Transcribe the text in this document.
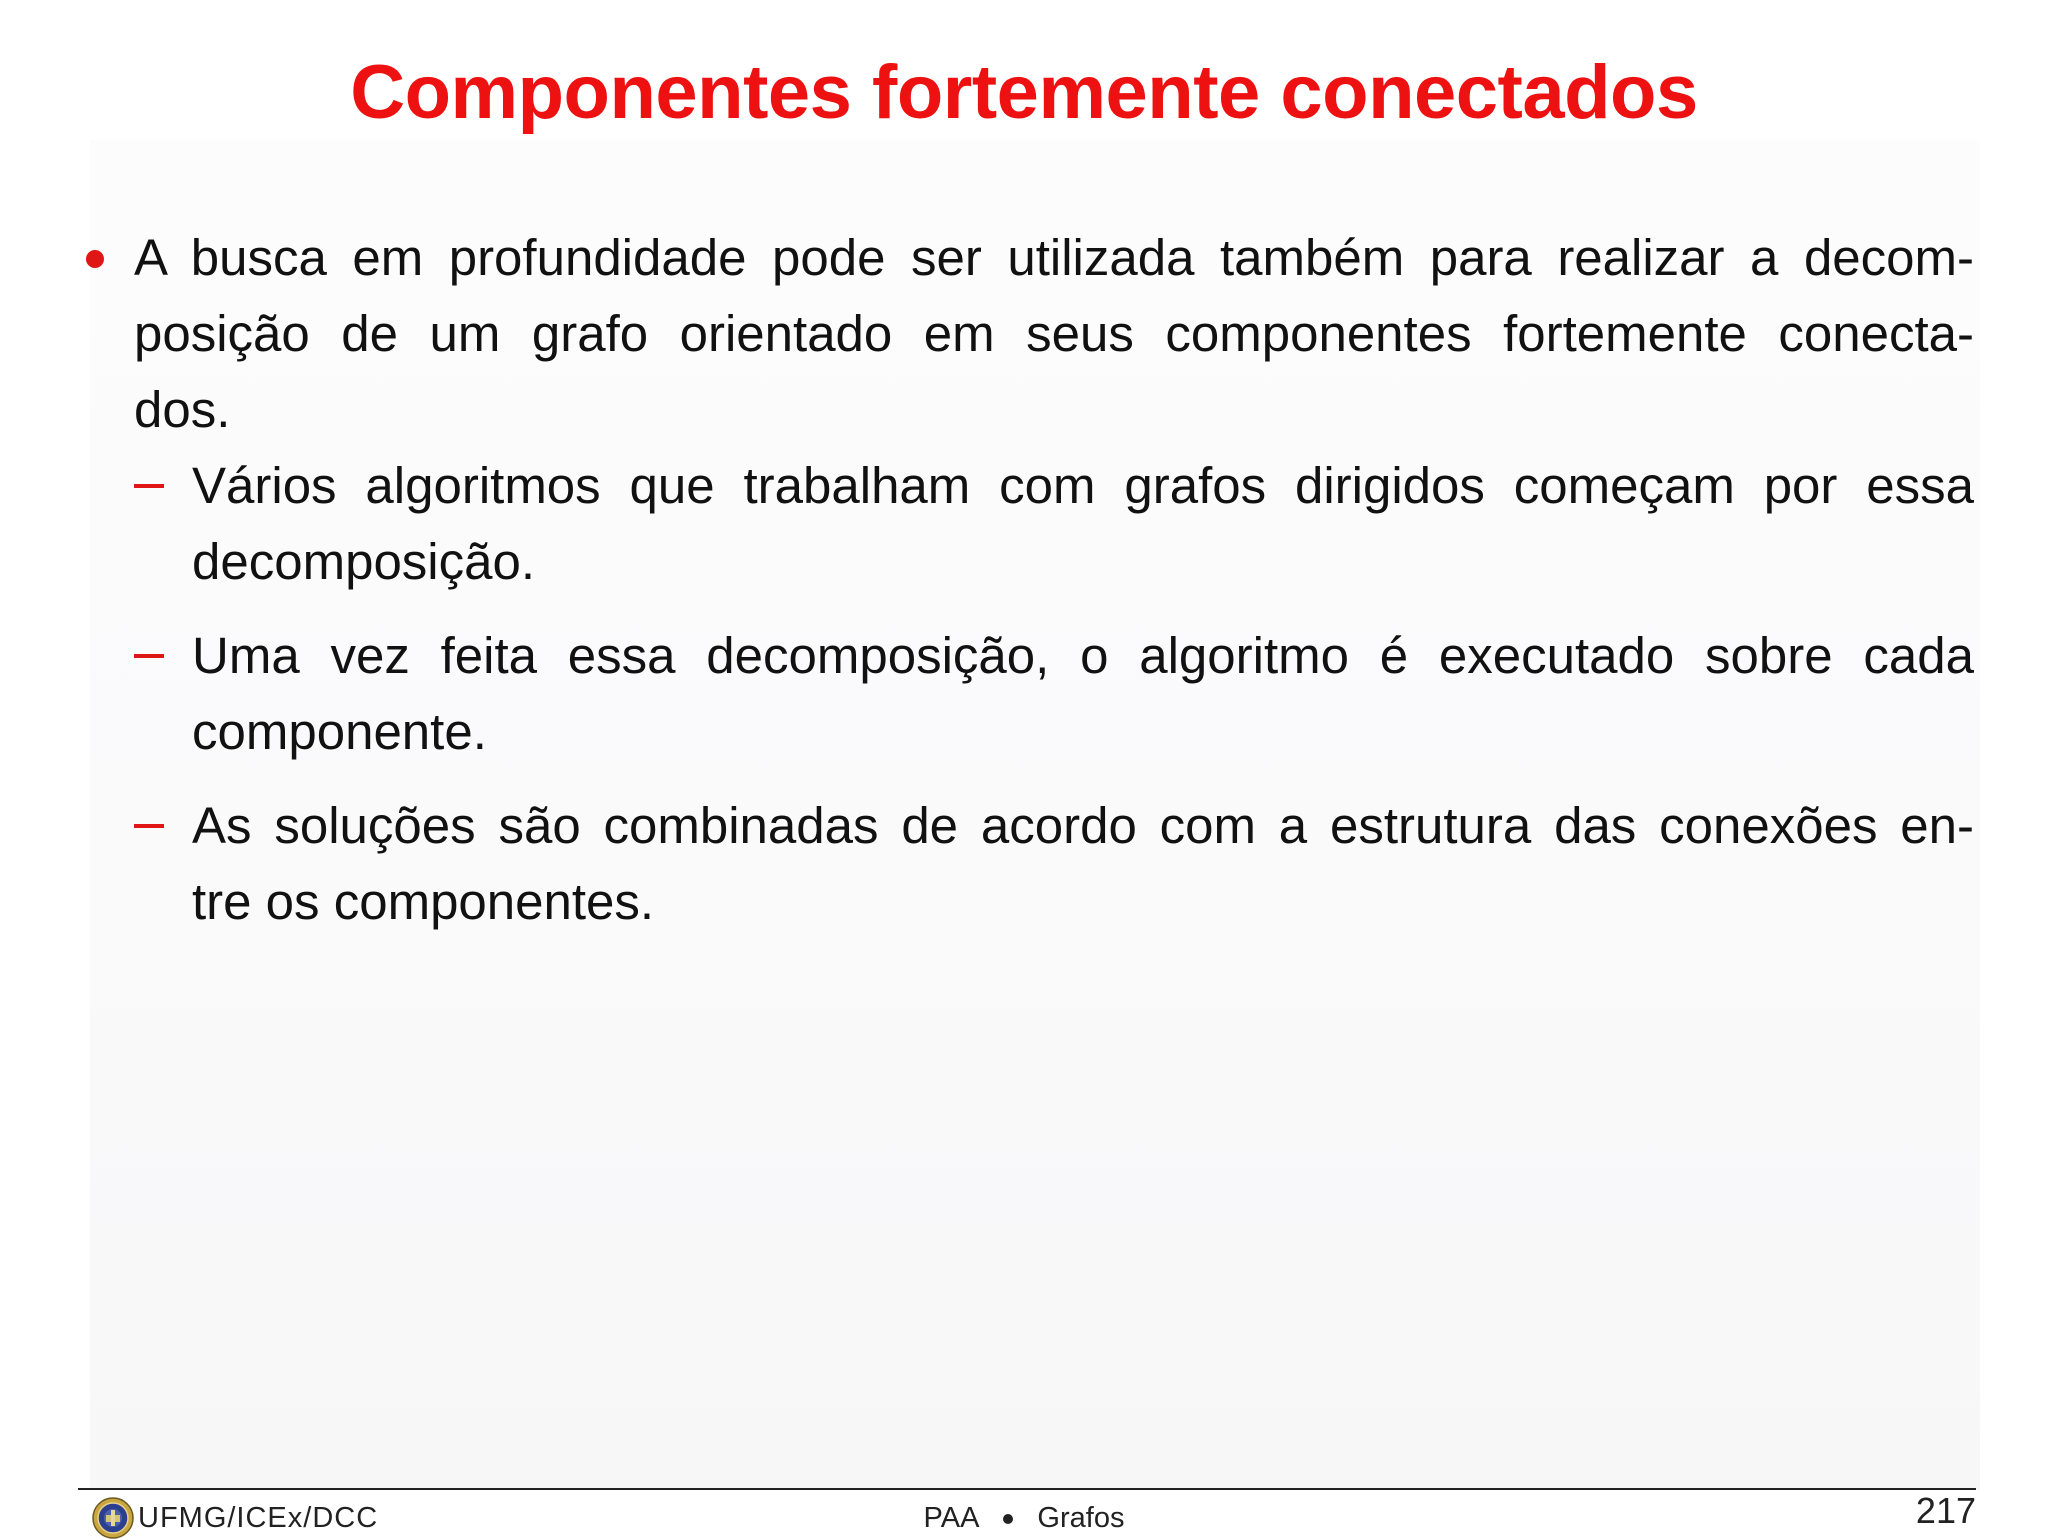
Componentes fortemente conectados
A busca em profundidade pode ser utilizada também para realizar a decom-
posição de um grafo orientado em seus componentes fortemente conecta-
dos.
Vários algoritmos que trabalham com grafos dirigidos começam por essa
decomposição.
Uma vez feita essa decomposição, o algoritmo é executado sobre cada
componente.
As soluções são combinadas de acordo com a estrutura das conexões en-
tre os componentes.
UFMG/ICEx/DCC	PAA Grafos	217
